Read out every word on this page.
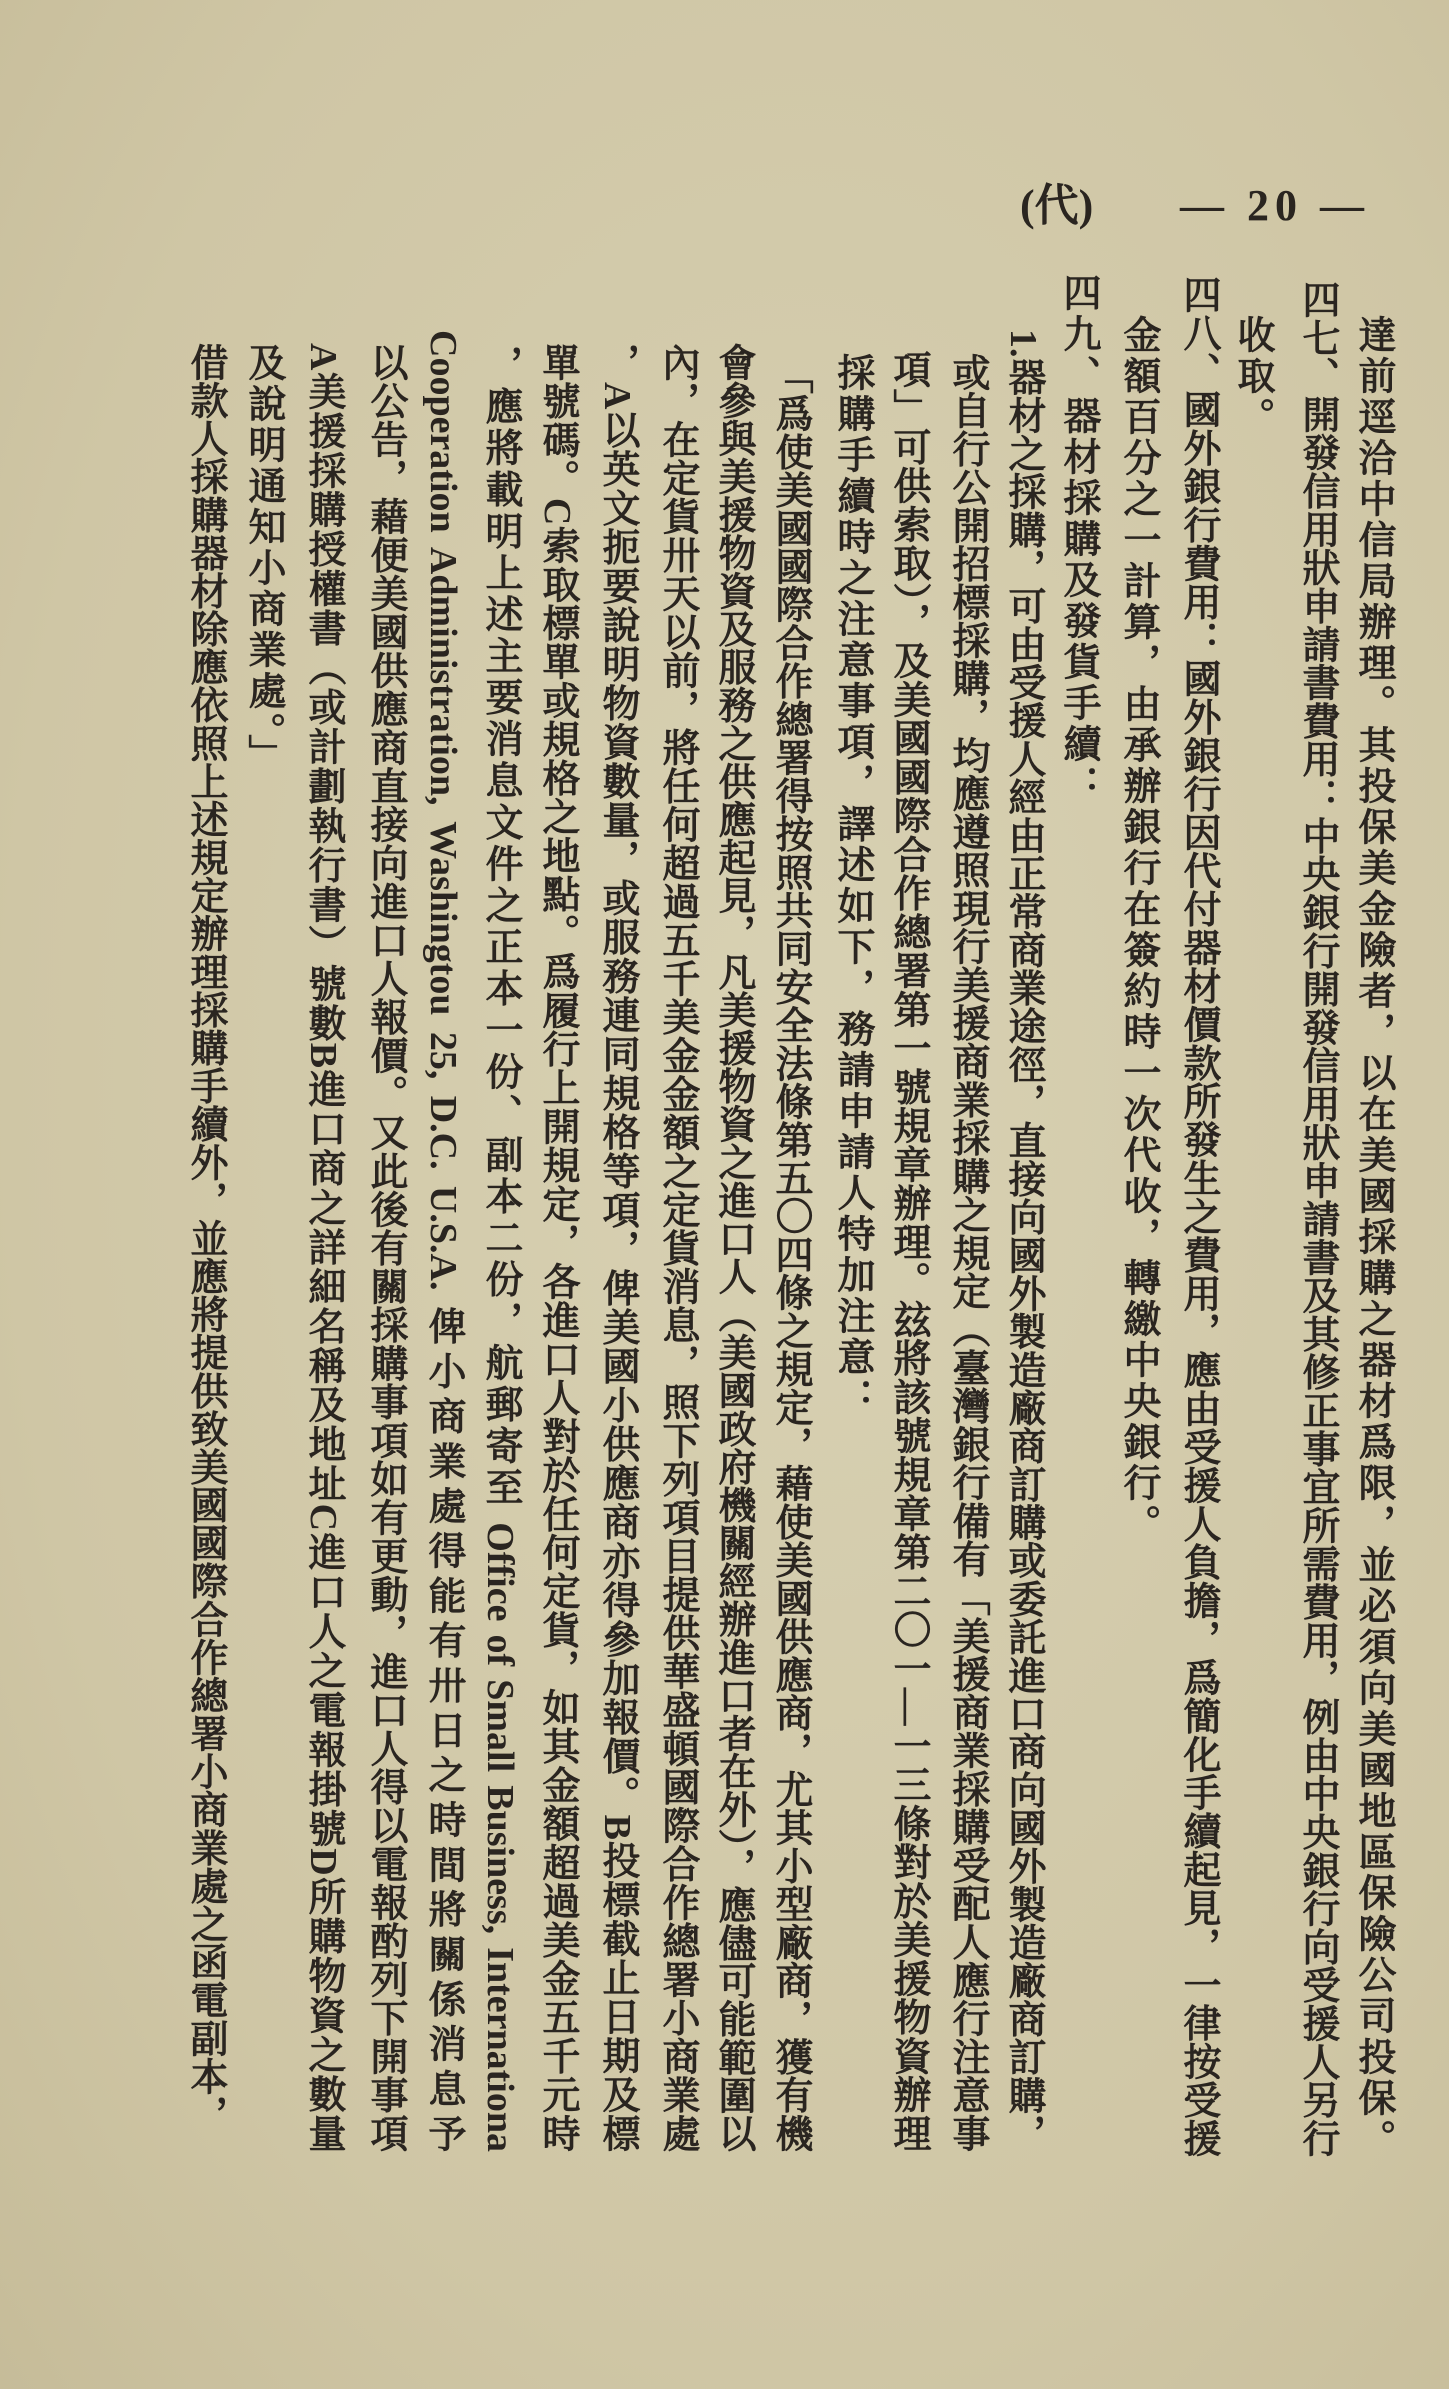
(代) — 20 —
達前逕洽中信局辦理。其投保美金險者，以在美國採購之器材爲限，並必須向美國地區保險公司投保。
四七、開發信用狀申請書費用：中央銀行開發信用狀申請書及其修正事宜所需費用，例由中央銀行向受援人另行
收取。
四八、國外銀行費用：國外銀行因代付器材價款所發生之費用，應由受援人負擔，爲簡化手續起見，一律按受援
金額百分之一計算，由承辦銀行在簽約時一次代收，轉繳中央銀行。
四九、器材採購及發貨手續：
1.器材之採購，可由受援人經由正常商業途徑，直接向國外製造廠商訂購或委託進口商向國外製造廠商訂購，
或自行公開招標採購，均應遵照現行美援商業採購之規定（臺灣銀行備有「美援商業採購受配人應行注意事
項」可供索取），及美國國際合作總署第一號規章辦理。玆將該號規章第二〇一—一三條對於美援物資辦理
採購手續時之注意事項，譯述如下，務請申請人特加注意：
「爲使美國國際合作總署得按照共同安全法條第五〇四條之規定，藉使美國供應商，尤其小型廠商，獲有機
會參與美援物資及服務之供應起見，凡美援物資之進口人（美國政府機關經辦進口者在外），應儘可能範圍以
內，在定貨卅天以前，將任何超過五千美金金額之定貨消息，照下列項目提供華盛頓國際合作總署小商業處
，A以英文扼要說明物資數量，或服務連同規格等項，俾美國小供應商亦得參加報價。B投標截止日期及標
單號碼。C索取標單或規格之地點。爲履行上開規定，各進口人對於任何定貨，如其金額超過美金五千元時
，應將載明上述主要消息文件之正本一份、副本二份，航郵寄至 Office of Small Business, Internationa
Cooperation Administration, Washingtou 25, D.C. U.S.A. 俾小商業處得能有卅日之時間將關係消息予
以公告，藉便美國供應商直接向進口人報價。又此後有關採購事項如有更動，進口人得以電報酌列下開事項
A美援採購授權書（或計劃執行書）號數B進口商之詳細名稱及地址C進口人之電報掛號D所購物資之數量
及說明通知小商業處。」
借款人採購器材除應依照上述規定辦理採購手續外，並應將提供致美國國際合作總署小商業處之函電副本，
